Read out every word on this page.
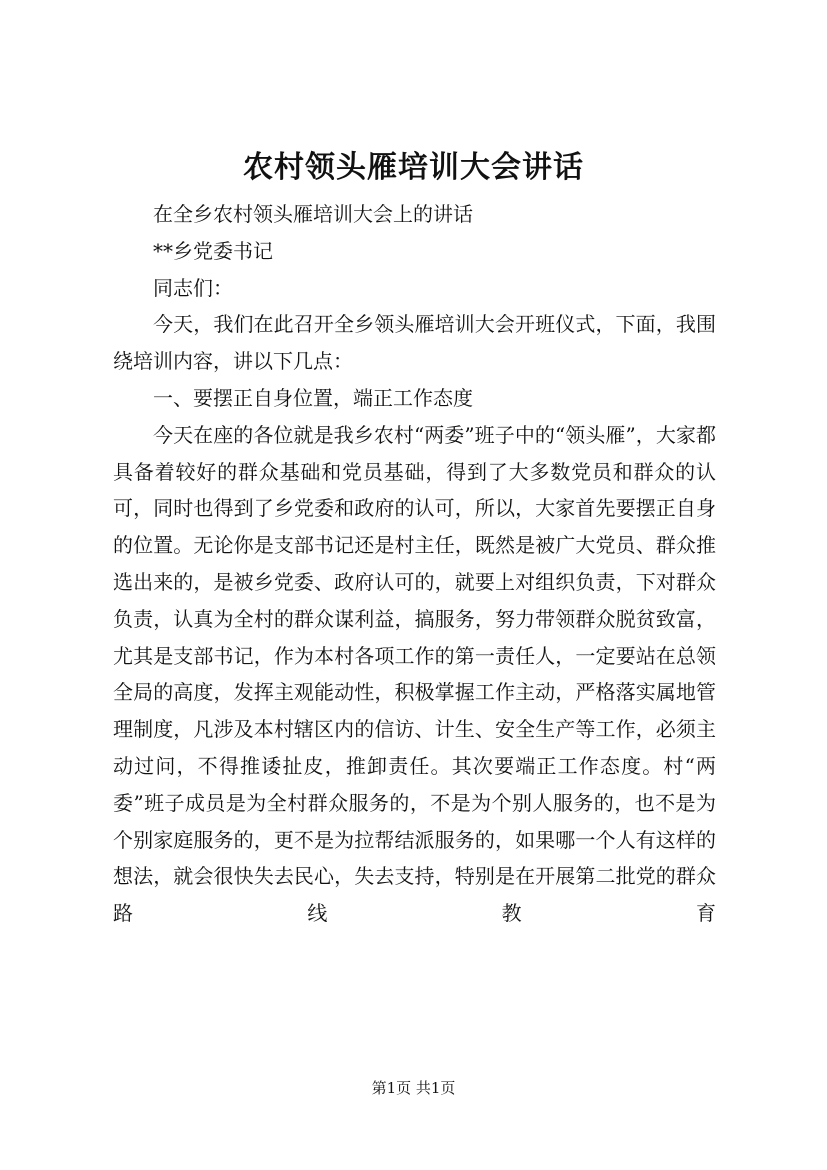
农村领头雁培训大会讲话

在全乡农村领头雁培训大会上的讲话

**乡党委书记

同志们：

今天，我们在此召开全乡领头雁培训大会开班仪式，下面，我围绕培训内容，讲以下几点：

一、要摆正自身位置，端正工作态度

今天在座的各位就是我乡农村“两委”班子中的“领头雁”，大家都具备着较好的群众基础和党员基础，得到了大多数党员和群众的认可，同时也得到了乡党委和政府的认可，所以，大家首先要摆正自身的位置。无论你是支部书记还是村主任，既然是被广大党员、群众推选出来的，是被乡党委、政府认可的，就要上对组织负责，下对群众负责，认真为全村的群众谋利益，搞服务，努力带领群众脱贫致富，尤其是支部书记，作为本村各项工作的第一责任人，一定要站在总领全局的高度，发挥主观能动性，积极掌握工作主动，严格落实属地管理制度，凡涉及本村辖区内的信访、计生、安全生产等工作，必须主动过问，不得推诿扯皮，推卸责任。其次要端正工作态度。村“两委”班子成员是为全村群众服务的，不是为个别人服务的，也不是为个别家庭服务的，更不是为拉帮结派服务的，如果哪一个人有这样的想法，就会很快失去民心，失去支持，特别是在开展第二批党的群众路线教育

第1页 共1页
